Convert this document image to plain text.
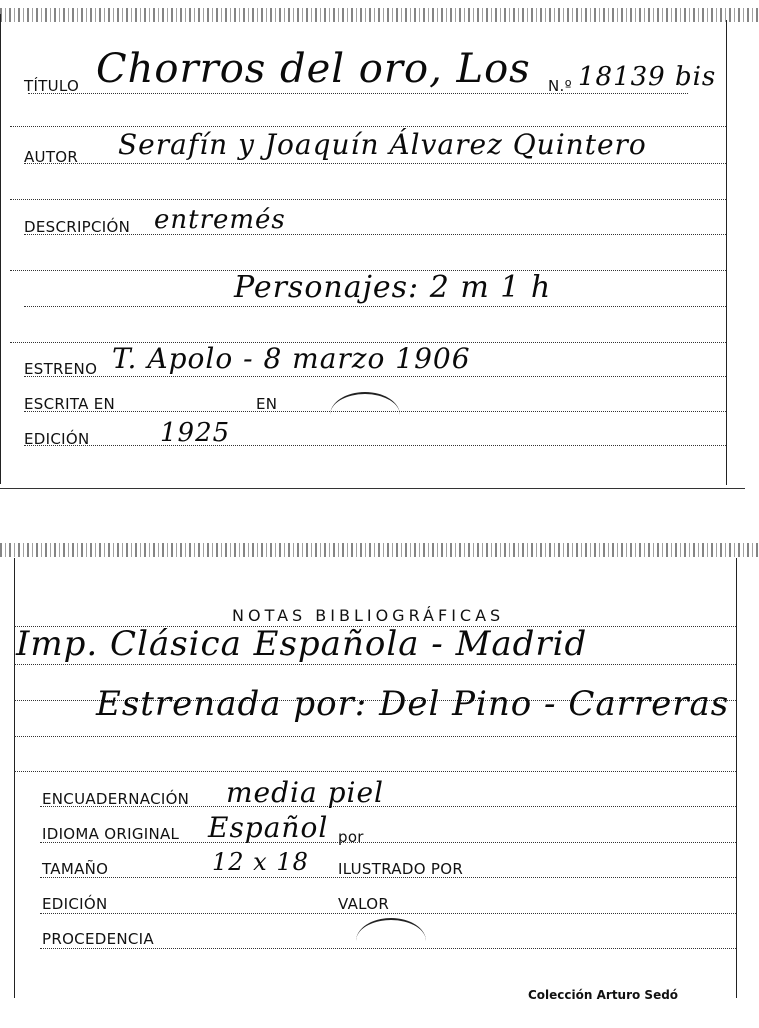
TÍTULO Chorros del oro, Los N.º 18139 bis
AUTOR Serafín y Joaquín Álvarez Quintero
DESCRIPCIÓN entremés
Personajes: 2 m 1 h
ESTRENO T. Apolo - 8 marzo 1906
ESCRITA EN	EN
EDICIÓN	1925
NOTAS BIBLIOGRÁFICAS
Imp. Clásica Española - Madrid
Estrenada por: Del Pino - Carreras
ENCUADERNACIÓN media piel
IDIOMA ORIGINAL Español por
TAMAÑO	12 x 18 ILUSTRADO POR
EDICIÓN	VALOR
PROCEDENCIA
Colección Arturo Sedó
